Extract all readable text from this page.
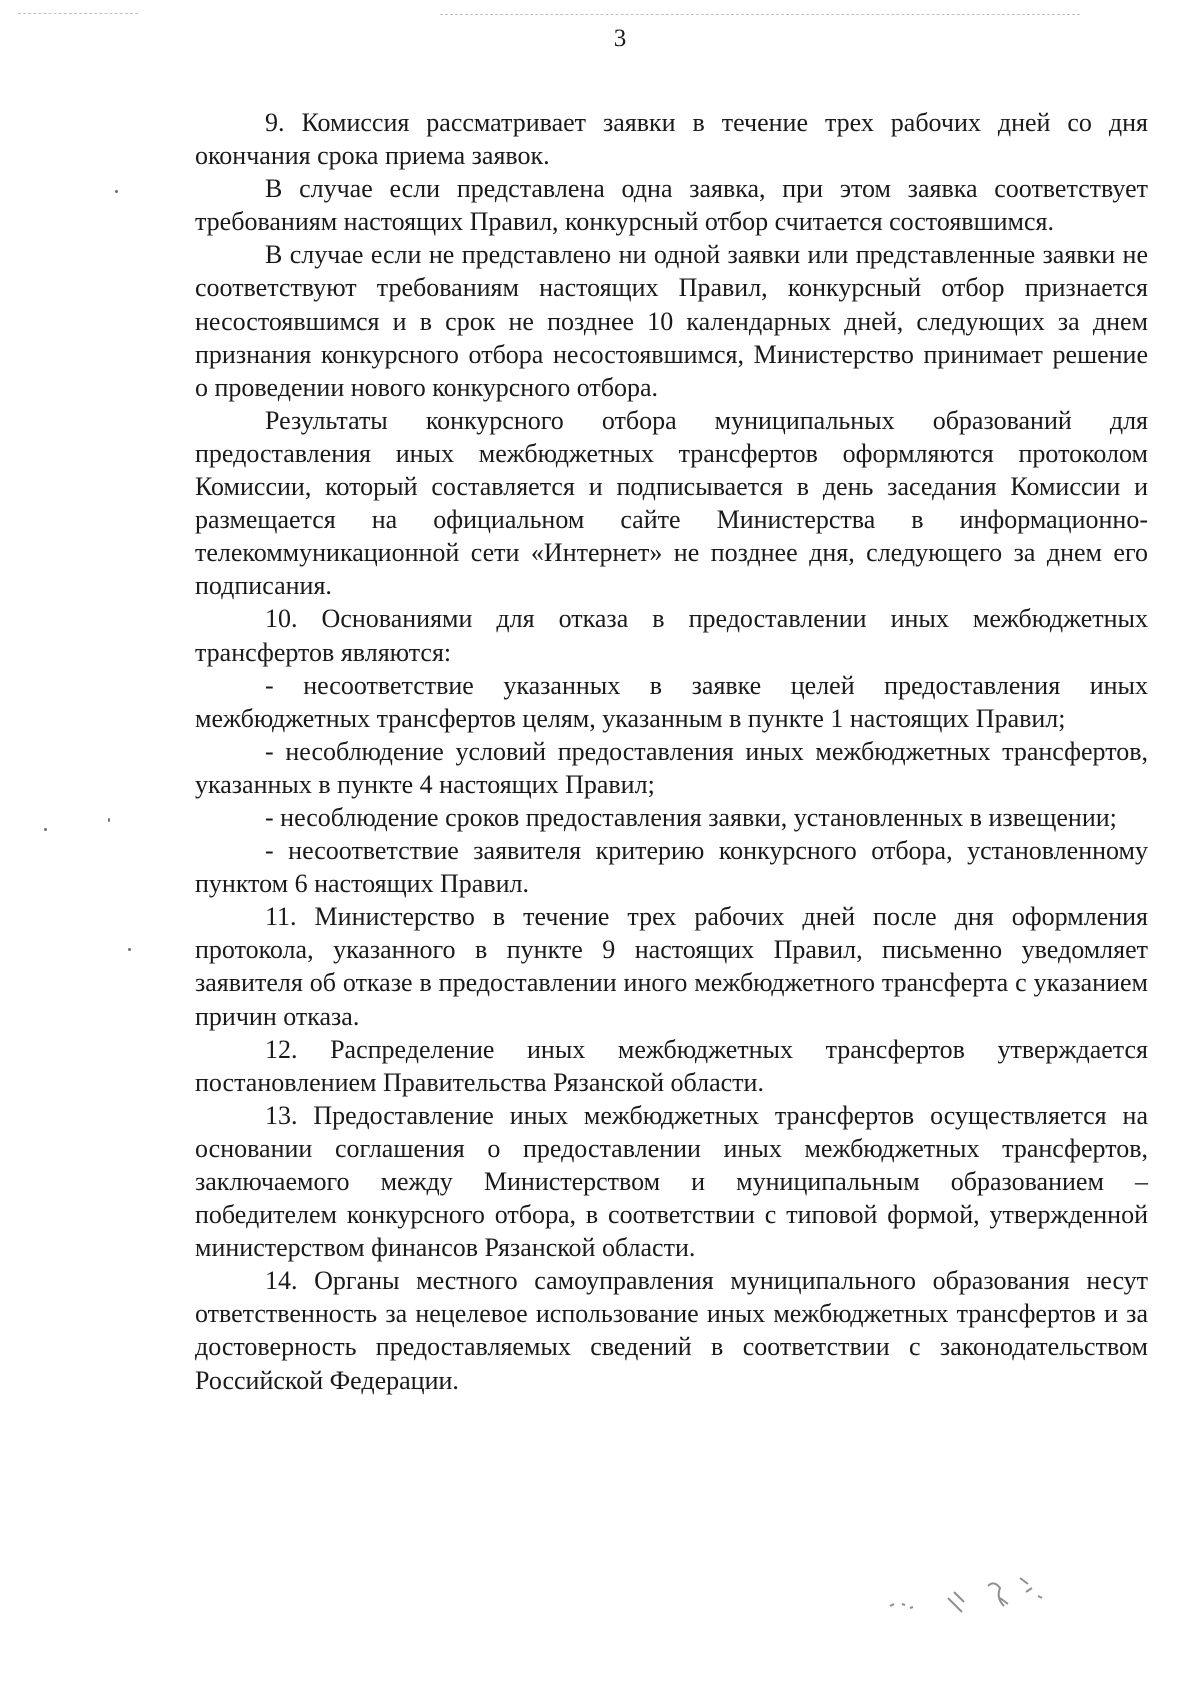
3

9. Комиссия рассматривает заявки в течение трех рабочих дней со дня окончания срока приема заявок.

В случае если представлена одна заявка, при этом заявка соответствует требованиям настоящих Правил, конкурсный отбор считается состоявшимся.

В случае если не представлено ни одной заявки или представленные заявки не соответствуют требованиям настоящих Правил, конкурсный отбор признается несостоявшимся и в срок не позднее 10 календарных дней, следующих за днем признания конкурсного отбора несостоявшимся, Министерство принимает решение о проведении нового конкурсного отбора.

Результаты конкурсного отбора муниципальных образований для предоставления иных межбюджетных трансфертов оформляются протоколом Комиссии, который составляется и подписывается в день заседания Комиссии и размещается на официальном сайте Министерства в информационно-телекоммуникационной сети «Интернет» не позднее дня, следующего за днем его подписания.

10. Основаниями для отказа в предоставлении иных межбюджетных трансфертов являются:

- несоответствие указанных в заявке целей предоставления иных межбюджетных трансфертов целям, указанным в пункте 1 настоящих Правил;

- несоблюдение условий предоставления иных межбюджетных трансфертов, указанных в пункте 4 настоящих Правил;

- несоблюдение сроков предоставления заявки, установленных в извещении;

- несоответствие заявителя критерию конкурсного отбора, установленному пунктом 6 настоящих Правил.

11. Министерство в течение трех рабочих дней после дня оформления протокола, указанного в пункте 9 настоящих Правил, письменно уведомляет заявителя об отказе в предоставлении иного межбюджетного трансферта с указанием причин отказа.

12. Распределение иных межбюджетных трансфертов утверждается постановлением Правительства Рязанской области.

13. Предоставление иных межбюджетных трансфертов осуществляется на основании соглашения о предоставлении иных межбюджетных трансфертов, заключаемого между Министерством и муниципальным образованием – победителем конкурсного отбора, в соответствии с типовой формой, утвержденной министерством финансов Рязанской области.

14. Органы местного самоуправления муниципального образования несут ответственность за нецелевое использование иных межбюджетных трансфертов и за достоверность предоставляемых сведений в соответствии с законодательством Российской Федерации.
